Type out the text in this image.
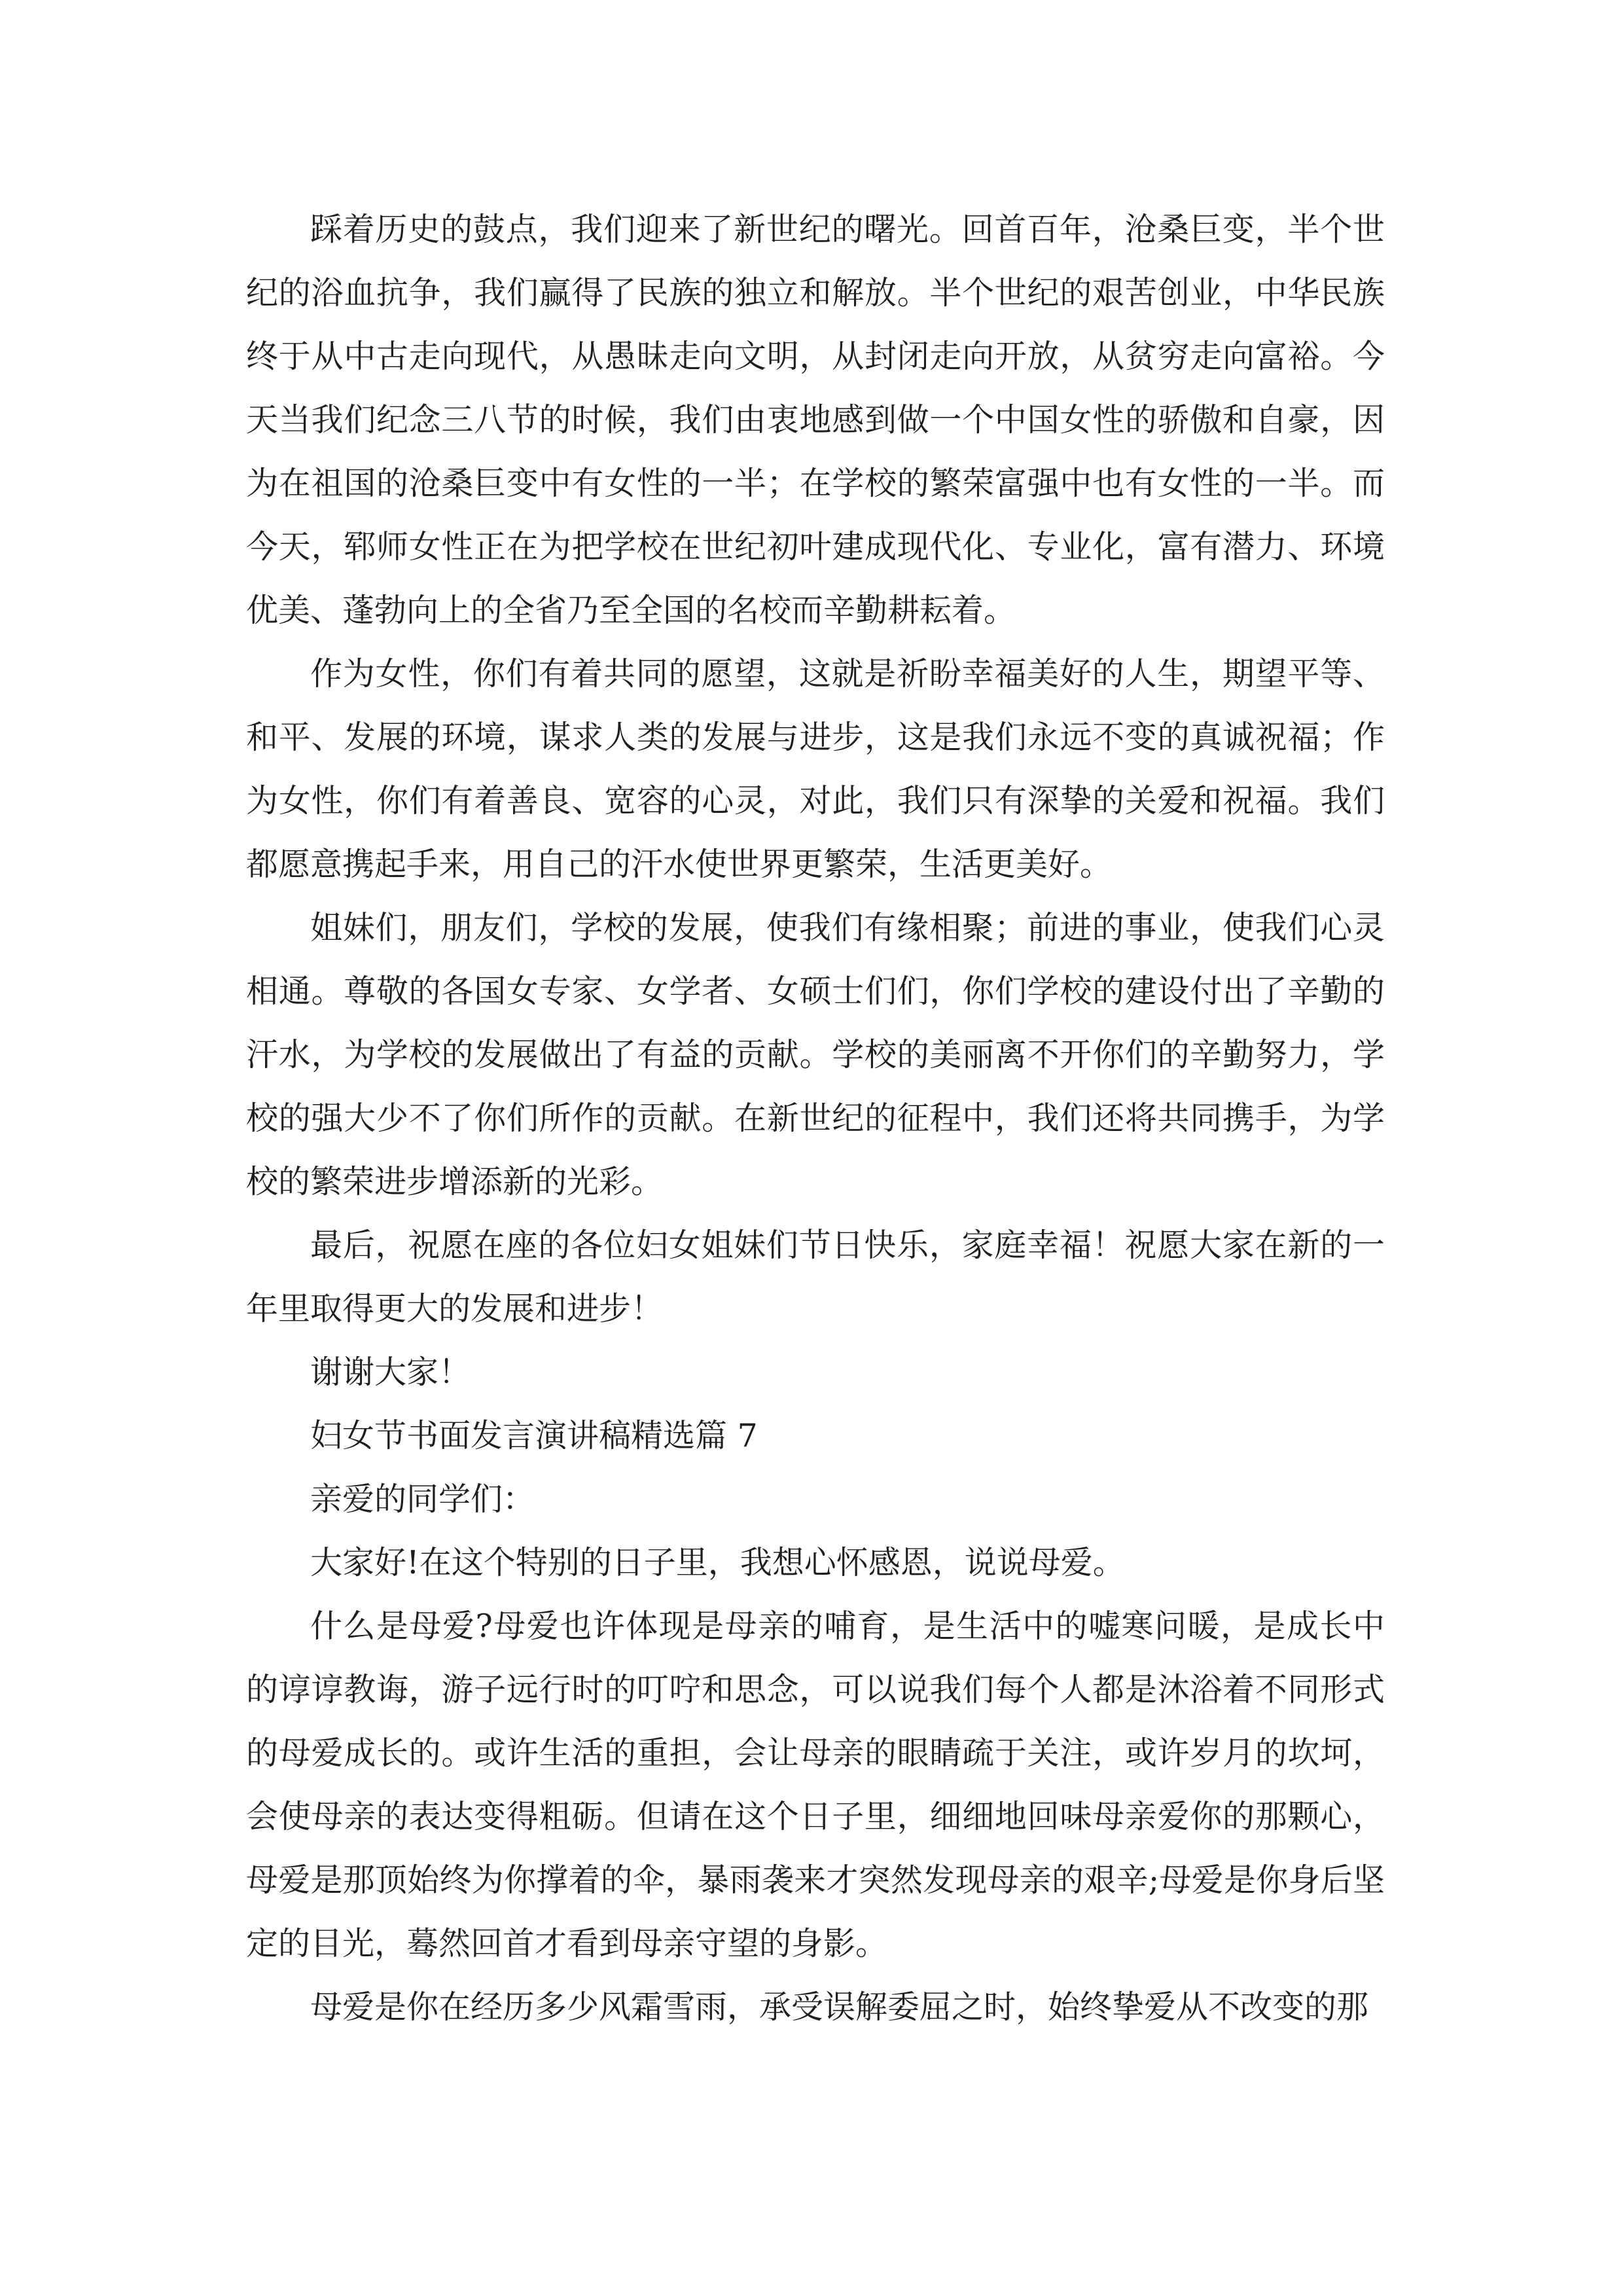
踩着历史的鼓点，我们迎来了新世纪的曙光。回首百年，沧桑巨变，半个世纪的浴血抗争，我们赢得了民族的独立和解放。半个世纪的艰苦创业，中华民族终于从中古走向现代，从愚昧走向文明，从封闭走向开放，从贫穷走向富裕。今天当我们纪念三八节的时候，我们由衷地感到做一个中国女性的骄傲和自豪，因为在祖国的沧桑巨变中有女性的一半；在学校的繁荣富强中也有女性的一半。而今天，郓师女性正在为把学校在世纪初叶建成现代化、专业化，富有潜力、环境优美、蓬勃向上的全省乃至全国的名校而辛勤耕耘着。

作为女性，你们有着共同的愿望，这就是祈盼幸福美好的人生，期望平等、和平、发展的环境，谋求人类的发展与进步，这是我们永远不变的真诚祝福；作为女性，你们有着善良、宽容的心灵，对此，我们只有深挚的关爱和祝福。我们都愿意携起手来，用自己的汗水使世界更繁荣，生活更美好。

姐妹们，朋友们，学校的发展，使我们有缘相聚；前进的事业，使我们心灵相通。尊敬的各国女专家、女学者、女硕士们们，你们学校的建设付出了辛勤的汗水，为学校的发展做出了有益的贡献。学校的美丽离不开你们的辛勤努力，学校的强大少不了你们所作的贡献。在新世纪的征程中，我们还将共同携手，为学校的繁荣进步增添新的光彩。

最后，祝愿在座的各位妇女姐妹们节日快乐，家庭幸福！祝愿大家在新的一年里取得更大的发展和进步！

谢谢大家！

妇女节书面发言演讲稿精选篇 7

亲爱的同学们：

大家好!在这个特别的日子里，我想心怀感恩，说说母爱。

什么是母爱?母爱也许体现是母亲的哺育，是生活中的嘘寒问暖，是成长中的谆谆教诲，游子远行时的叮咛和思念，可以说我们每个人都是沐浴着不同形式的母爱成长的。或许生活的重担，会让母亲的眼睛疏于关注，或许岁月的坎坷，会使母亲的表达变得粗砺。但请在这个日子里，细细地回味母亲爱你的那颗心，母爱是那顶始终为你撑着的伞，暴雨袭来才突然发现母亲的艰辛;母爱是你身后坚定的目光，蓦然回首才看到母亲守望的身影。

母爱是你在经历多少风霜雪雨，承受误解委屈之时，始终挚爱从不改变的那
